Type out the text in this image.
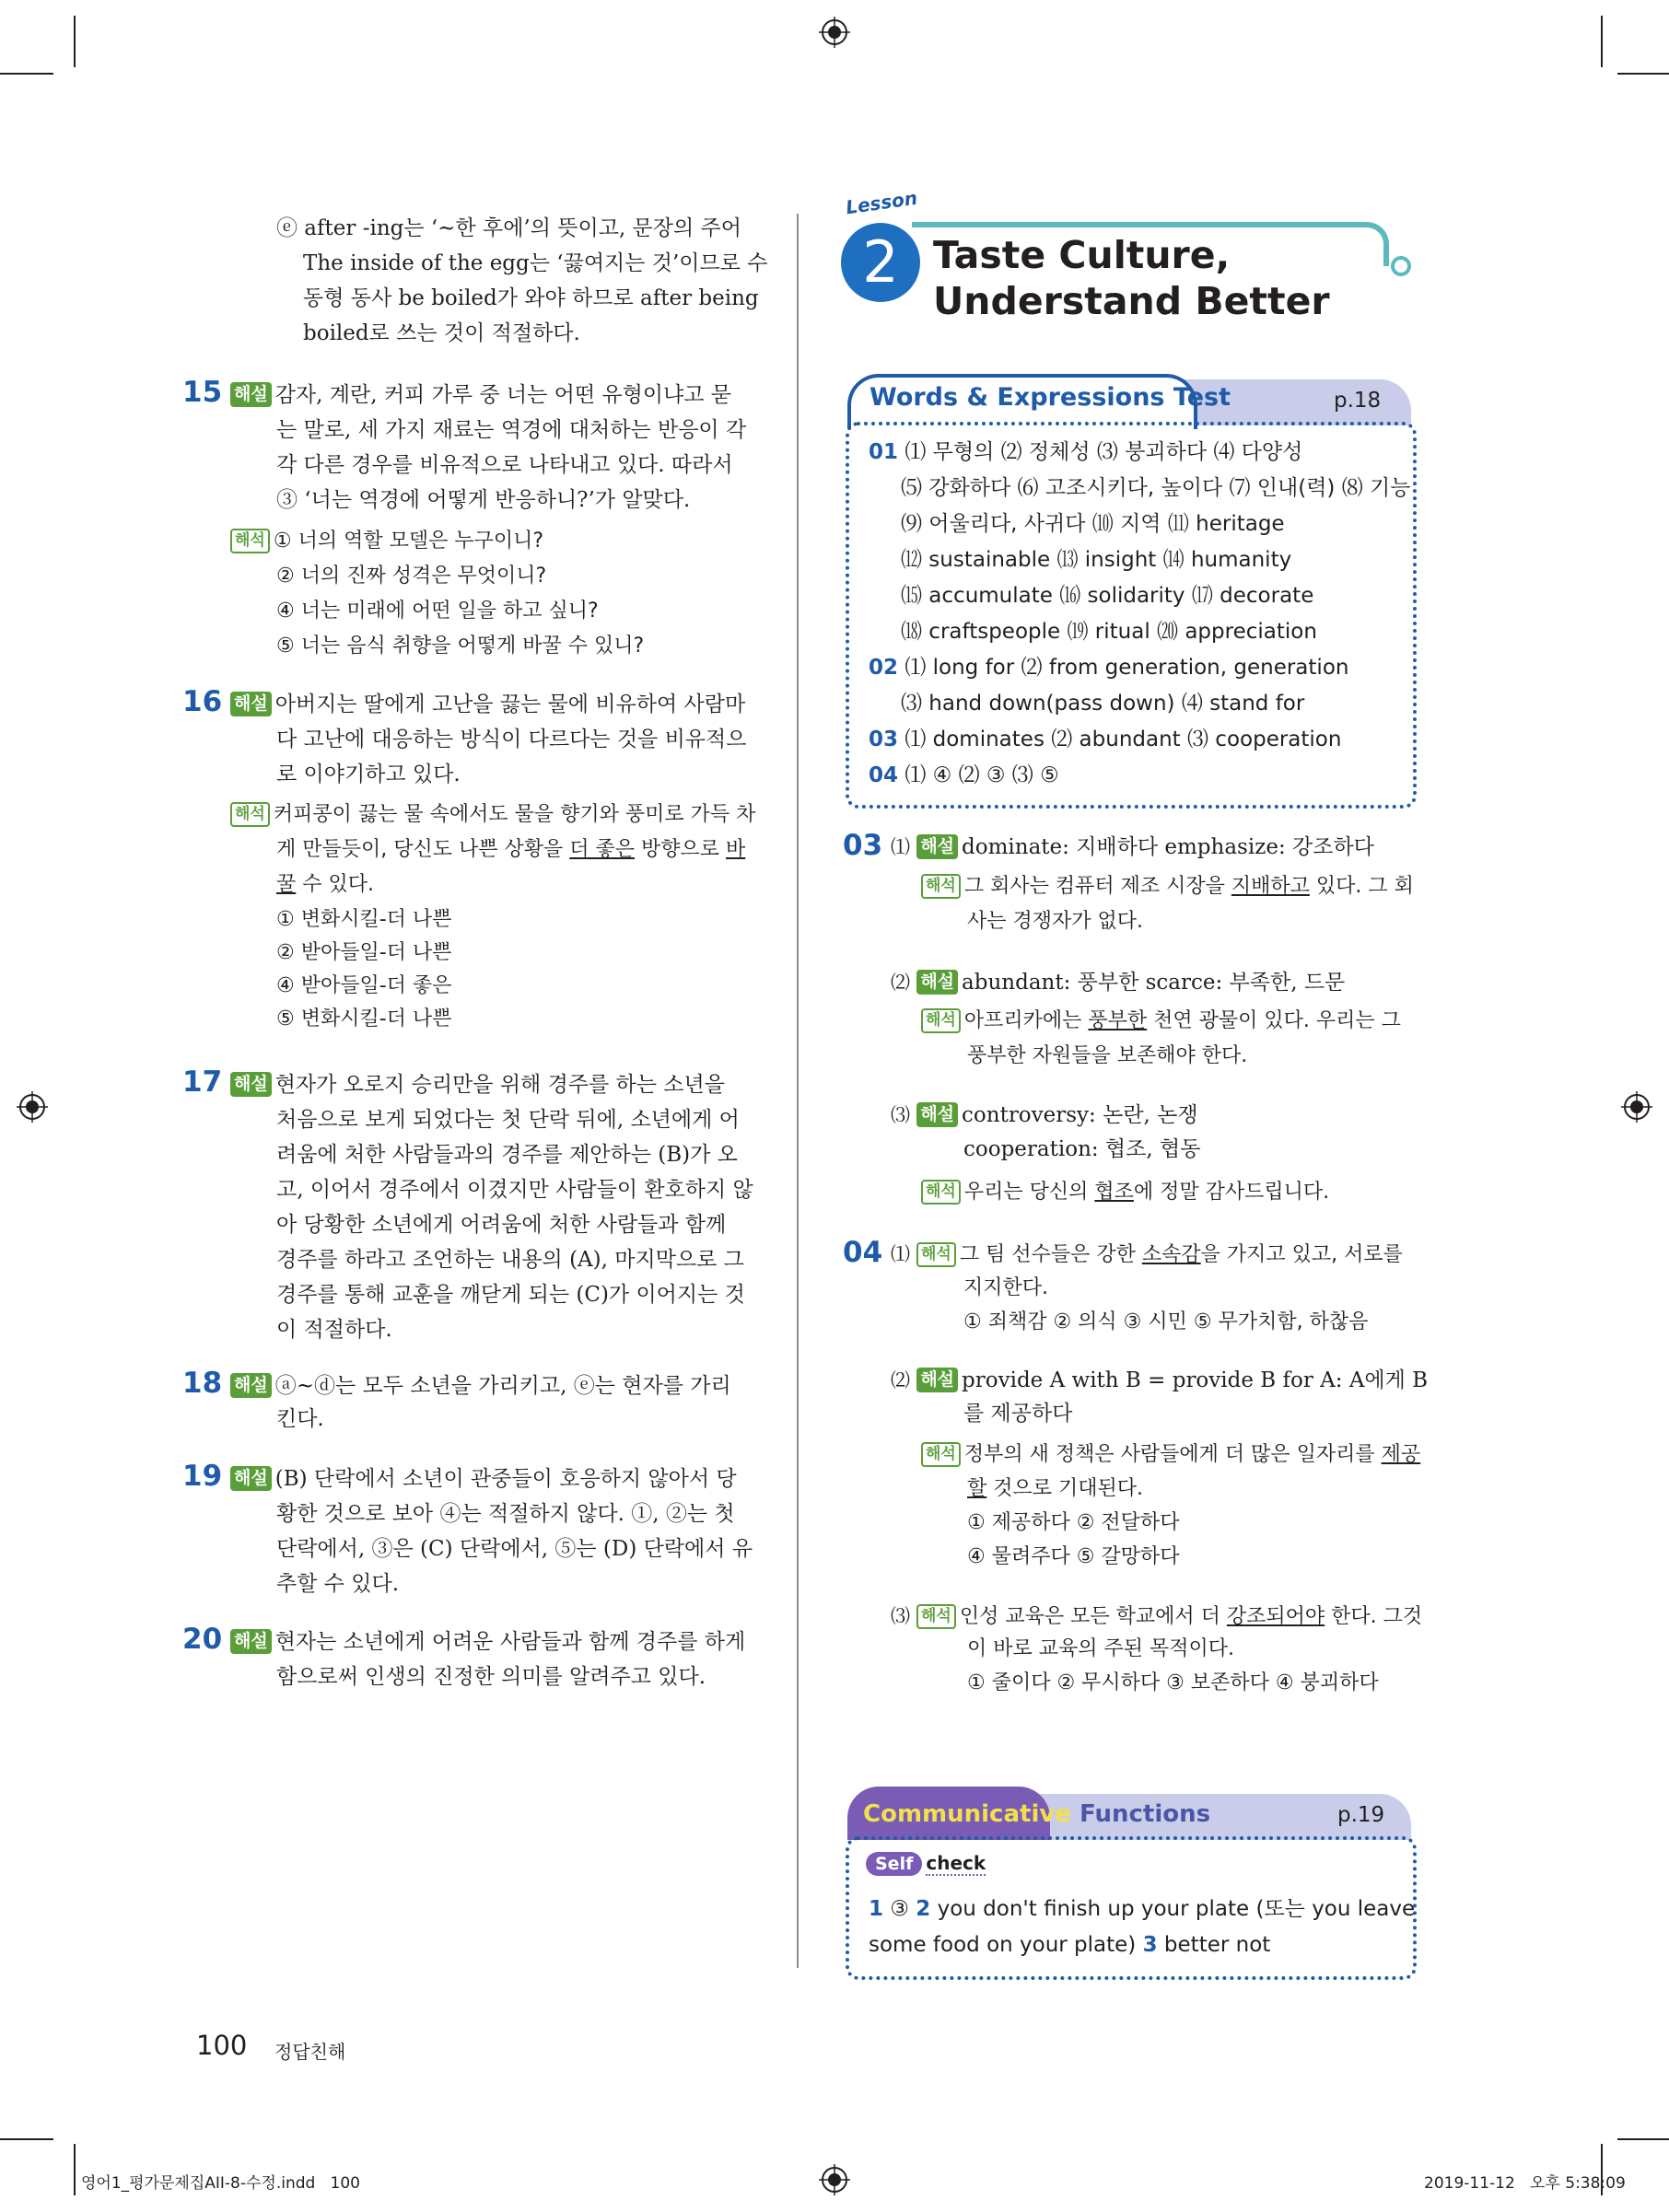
ⓔ after -ing는 ‘~한 후에’의 뜻이고, 문장의 주어
The inside of the egg는 ‘끓여지는 것’이므로 수
동형 동사 be boiled가 와야 하므로 after being
boiled로 쓰는 것이 적절하다.
15 해설 감자, 계란, 커피 가루 중 너는 어떤 유형이냐고 묻
는 말로, 세 가지 재료는 역경에 대처하는 반응이 각
각 다른 경우를 비유적으로 나타내고 있다. 따라서
③ ‘너는 역경에 어떻게 반응하니?’가 알맞다.
해석 ① 너의 역할 모델은 누구이니?
② 너의 진짜 성격은 무엇이니?
④ 너는 미래에 어떤 일을 하고 싶니?
⑤ 너는 음식 취향을 어떻게 바꿀 수 있니?
16 해설 아버지는 딸에게 고난을 끓는 물에 비유하여 사람마
다 고난에 대응하는 방식이 다르다는 것을 비유적으
로 이야기하고 있다.
해석 커피콩이 끓는 물 속에서도 물을 향기와 풍미로 가득 차
게 만들듯이, 당신도 나쁜 상황을 더 좋은 방향으로 바
꿀 수 있다.
① 변화시킬-더 나쁜
② 받아들일-더 나쁜
④ 받아들일-더 좋은
⑤ 변화시킬-더 나쁜
17 해설 현자가 오로지 승리만을 위해 경주를 하는 소년을
처음으로 보게 되었다는 첫 단락 뒤에, 소년에게 어
려움에 처한 사람들과의 경주를 제안하는 (B)가 오
고, 이어서 경주에서 이겼지만 사람들이 환호하지 않
아 당황한 소년에게 어려움에 처한 사람들과 함께
경주를 하라고 조언하는 내용의 (A), 마지막으로 그
경주를 통해 교훈을 깨닫게 되는 (C)가 이어지는 것
이 적절하다.
18 해설 ⓐ~ⓓ는 모두 소년을 가리키고, ⓔ는 현자를 가리
킨다.
19 해설 (B) 단락에서 소년이 관중들이 호응하지 않아서 당
황한 것으로 보아 ④는 적절하지 않다. ①, ②는 첫
단락에서, ③은 (C) 단락에서, ⑤는 (D) 단락에서 유
추할 수 있다.
20 해설 현자는 소년에게 어려운 사람들과 함께 경주를 하게
함으로써 인생의 진정한 의미를 알려주고 있다.
Lesson
2 Taste Culture,
Understand Better
Words & Expressions Test	p.18
01 ⑴ 무형의 ⑵ 정체성 ⑶ 붕괴하다 ⑷ 다양성
⑸ 강화하다 ⑹ 고조시키다, 높이다 ⑺ 인내(력) ⑻ 기능
⑼ 어울리다, 사귀다 ⑽ 지역 ⑾ heritage
⑿ sustainable ⒀ insight ⒁ humanity
⒂ accumulate ⒃ solidarity ⒄ decorate
⒅ craftspeople ⒆ ritual ⒇ appreciation
02 ⑴ long for ⑵ from generation, generation
⑶ hand down(pass down) ⑷ stand for
03 ⑴ dominates ⑵ abundant ⑶ cooperation
04 ⑴ ④ ⑵ ③ ⑶ ⑤
03 ⑴ 해설 dominate: 지배하다 emphasize: 강조하다
해석 그 회사는 컴퓨터 제조 시장을 지배하고 있다. 그 회
사는 경쟁자가 없다.
⑵ 해설 abundant: 풍부한 scarce: 부족한, 드문
해석 아프리카에는 풍부한 천연 광물이 있다. 우리는 그
풍부한 자원들을 보존해야 한다.
⑶ 해설 controversy: 논란, 논쟁
cooperation: 협조, 협동
해석 우리는 당신의 협조에 정말 감사드립니다.
04 ⑴ 해석 그 팀 선수들은 강한 소속감을 가지고 있고, 서로를
지지한다.
① 죄책감 ② 의식 ③ 시민 ⑤ 무가치함, 하찮음
⑵ 해설 provide A with B = provide B for A: A에게 B
를 제공하다
해석 정부의 새 정책은 사람들에게 더 많은 일자리를 제공
할 것으로 기대된다.
① 제공하다 ② 전달하다
④ 물려주다 ⑤ 갈망하다
⑶ 해석 인성 교육은 모든 학교에서 더 강조되어야 한다. 그것
이 바로 교육의 주된 목적이다.
① 줄이다 ② 무시하다 ③ 보존하다 ④ 붕괴하다
Communicative Functions	p.19
Self check
1 ③ 2 you don't finish up your plate (또는 you leave
some food on your plate) 3 better not
100 정답친해
영어1_평가문제집AII-8-수정.indd   100	2019-11-12   오후 5:38:09
